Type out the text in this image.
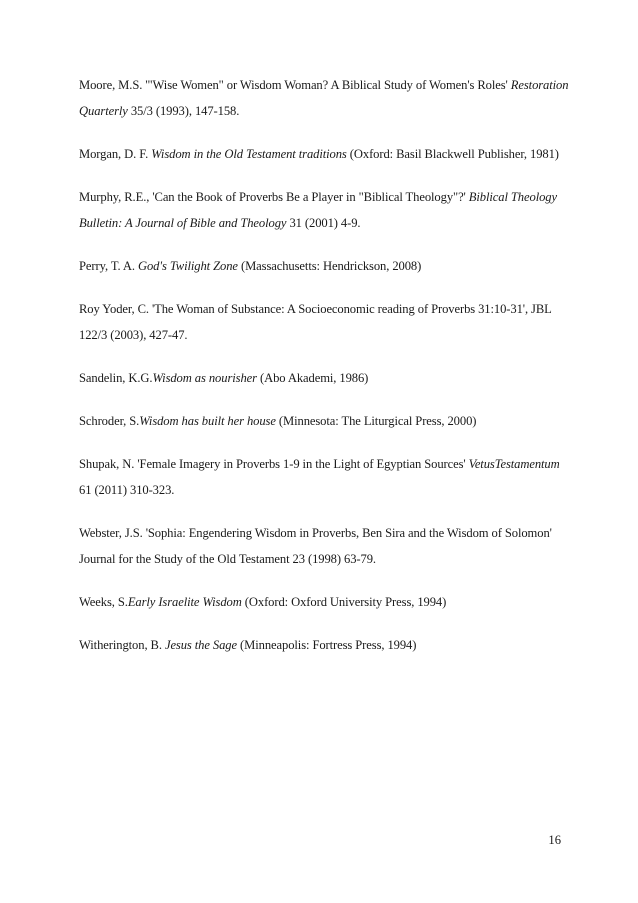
Moore, M.S. '"Wise Women" or Wisdom Woman? A Biblical Study of Women's Roles' Restoration Quarterly 35/3 (1993), 147-158.
Morgan, D. F. Wisdom in the Old Testament traditions (Oxford: Basil Blackwell Publisher, 1981)
Murphy, R.E., 'Can the Book of Proverbs Be a Player in "Biblical Theology"?' Biblical Theology Bulletin: A Journal of Bible and Theology 31 (2001) 4-9.
Perry, T. A. God's Twilight Zone (Massachusetts: Hendrickson, 2008)
Roy Yoder, C. 'The Woman of Substance: A Socioeconomic reading of Proverbs 31:10-31', JBL 122/3 (2003), 427-47.
Sandelin, K.G.Wisdom as nourisher (Abo Akademi, 1986)
Schroder, S.Wisdom has built her house (Minnesota: The Liturgical Press, 2000)
Shupak, N. 'Female Imagery in Proverbs 1-9 in the Light of Egyptian Sources' VetusTestamentum 61 (2011) 310-323.
Webster, J.S. 'Sophia: Engendering Wisdom in Proverbs, Ben Sira and the Wisdom of Solomon' Journal for the Study of the Old Testament 23 (1998) 63-79.
Weeks, S.Early Israelite Wisdom (Oxford: Oxford University Press, 1994)
Witherington, B. Jesus the Sage (Minneapolis: Fortress Press, 1994)
16
